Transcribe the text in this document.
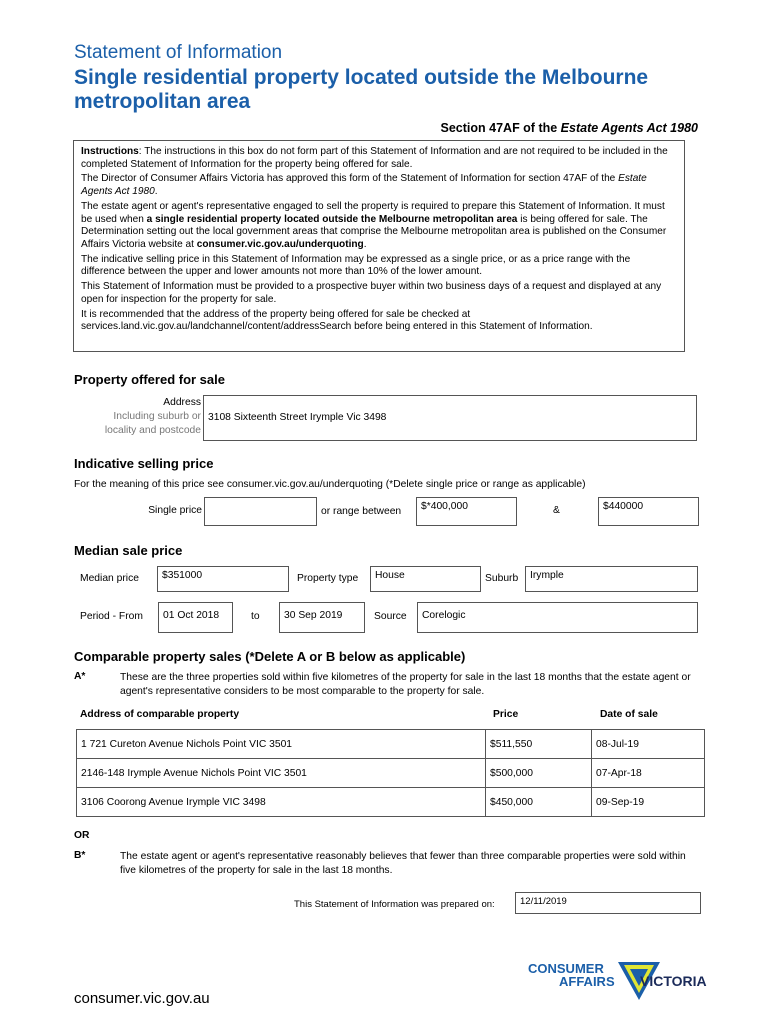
Statement of Information
Single residential property located outside the Melbourne metropolitan area
Section 47AF of the Estate Agents Act 1980

Instructions: The instructions in this box do not form part of this Statement of Information and are not required to be included in the completed Statement of Information for the property being offered for sale.

The Director of Consumer Affairs Victoria has approved this form of the Statement of Information for section 47AF of the Estate Agents Act 1980.

The estate agent or agent's representative engaged to sell the property is required to prepare this Statement of Information. It must be used when a single residential property located outside the Melbourne metropolitan area is being offered for sale. The Determination setting out the local government areas that comprise the Melbourne metropolitan area is published on the Consumer Affairs Victoria website at consumer.vic.gov.au/underquoting.

The indicative selling price in this Statement of Information may be expressed as a single price, or as a price range with the difference between the upper and lower amounts not more than 10% of the lower amount.

This Statement of Information must be provided to a prospective buyer within two business days of a request and displayed at any open for inspection for the property for sale.

It is recommended that the address of the property being offered for sale be checked at services.land.vic.gov.au/landchannel/content/addressSearch before being entered in this Statement of Information.

Property offered for sale
Address
Including suburb or
locality and postcode
3108 Sixteenth Street Irymple Vic 3498
Indicative selling price
For the meaning of this price see consumer.vic.gov.au/underquoting (*Delete single price or range as applicable)
Single price	or range between	$*400,000	&	$440000
Median sale price
Median price	$351000	Property type	House	Suburb	Irymple
Period - From	01 Oct 2018	to	30 Sep 2019	Source	Corelogic
Comparable property sales (*Delete A or B below as applicable)
A*	These are the three properties sold within five kilometres of the property for sale in the last 18 months that the estate agent or agent's representative considers to be most comparable to the property for sale.
Address of comparable property	Price	Date of sale
1 721 Cureton Avenue Nichols Point VIC 3501	$511,550	08-Jul-19
2146-148 Irymple Avenue Nichols Point VIC 3501	$500,000	07-Apr-18
3106 Coorong Avenue Irymple VIC 3498	$450,000	09-Sep-19
OR
B*	The estate agent or agent's representative reasonably believes that fewer than three comparable properties were sold within five kilometres of the property for sale in the last 18 months.
This Statement of Information was prepared on:	12/11/2019
consumer.vic.gov.au
CONSUMER
AFFAIRS VICTORIA
